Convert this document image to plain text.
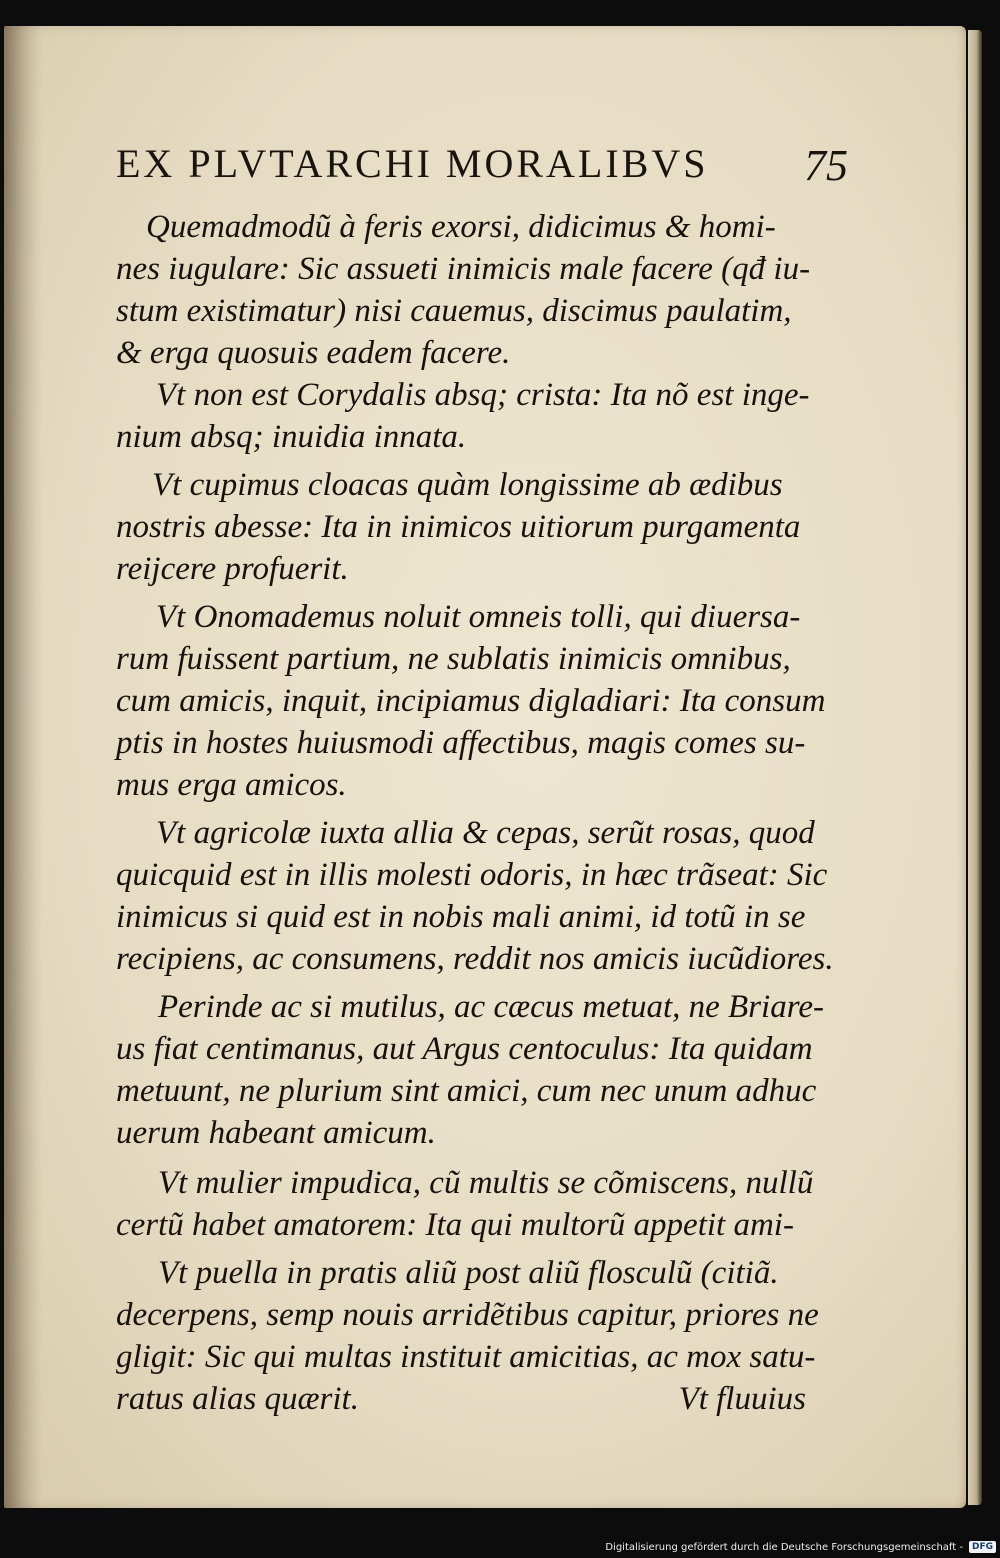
EX PLVTARCHI MORALIBVS 75
Quemadmodũ à feris exorsi, didicimus & homi-
nes iugulare: Sic assueti inimicis male facere (qđ iu-
stum existimatur) nisi cauemus, discimus paulatim,
& erga quosuis eadem facere.
Vt non est Corydalis absq; crista: Ita nõ est inge-
nium absq; inuidia innata.
Vt cupimus cloacas quàm longissime ab ædibus
nostris abesse: Ita in inimicos uitiorum purgamenta
reijcere profuerit.
Vt Onomademus noluit omneis tolli, qui diuersa-
rum fuissent partium, ne sublatis inimicis omnibus,
cum amicis, inquit, incipiamus digladiari: Ita consum
ptis in hostes huiusmodi affectibus, magis comes su-
mus erga amicos.
Vt agricolæ iuxta allia & cepas, serũt rosas, quod
quicquid est in illis molesti odoris, in hæc trãseat: Sic
inimicus si quid est in nobis mali animi, id totũ in se
recipiens, ac consumens, reddit nos amicis iucũdiores.
Perinde ac si mutilus, ac cæcus metuat, ne Briare-
us fiat centimanus, aut Argus centoculus: Ita quidam
metuunt, ne plurium sint amici, cum nec unum adhuc
uerum habeant amicum.
Vt mulier impudica, cũ multis se cõmiscens, nullũ
certũ habet amatorem: Ita qui multorũ appetit ami-
Vt puella in pratis aliũ post aliũ flosculũ (citiã.
decerpens, semp nouis arridẽtibus capitur, priores ne
gligit: Sic qui multas instituit amicitias, ac mox satu-
ratus alias quærit.	Vt fluuius
Digitalisierung gefördert durch die Deutsche Forschungsgemeinschaft -	DFG
